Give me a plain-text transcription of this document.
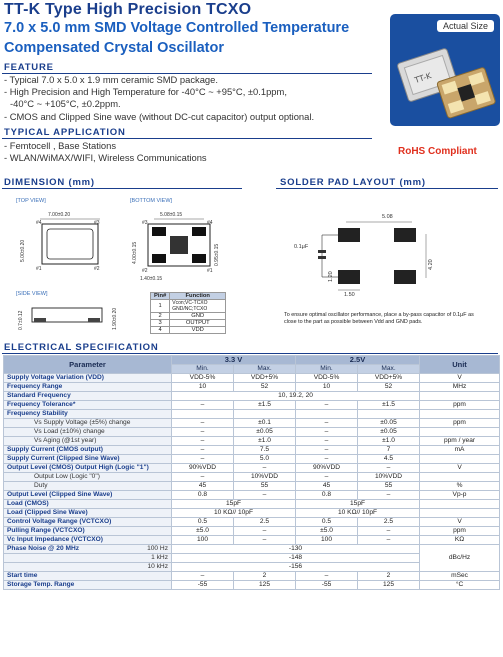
TT-K Type High Precision TCXO
7.0 x 5.0 mm SMD Voltage Controlled Temperature
Compensated Crystal Oscillator
FEATURE
- Typical 7.0 x 5.0 x 1.9 mm ceramic SMD package.
- High Precision and High Temperature for -40°C ~ +95°C, ±0.1ppm,
-40°C ~ +105°C, ±0.2ppm.
- CMOS and Clipped Sine wave (without DC-cut capacitor) output optional.
TYPICAL APPLICATION
- Femtocell , Base Stations
- WLAN/WiMAX/WIFI, Wireless Communications
Actual Size
TT-K
RoHS Compliant
DIMENSION (mm)
[TOP VIEW]
7.00±0.20
#4	#3
#1	#2
5.00±0.20
[BOTTOM VIEW]
5.08±0.15
#3	#4
#2	#1
4.00±0.15	0.95±0.15
1.40±0.15
[SIDE VIEW]
0.7±0.12	1.90±0.20
Pin#	Function
1	Vcon;VC-TCXO GND/NC;TCXO
2	GND
3	OUTPUT
4	VDD
SOLDER PAD LAYOUT (mm)
5.08
0.1μF
4.20
1.20
1.50
To ensure optimal oscillator performance, place a by-pass capacitor of 0.1μF as close to the part as possible between Vdd and GND pads.
ELECTRICAL SPECIFICATION
Parameter	3.3 V		2.5V		Unit
	Min.	Max.	Min.	Max.	
Supply Voltage Variation (VDD)	VDD-5%	VDD+5%	VDD-5%	VDD+5%	V
Frequency Range	10	52	10	52	MHz
Standard Frequency	10, 19.2, 20				
Frequency Tolerance*	–	±1.5	–	±1.5	ppm
Frequency Stability					
Vs Supply Voltage (±5%) change	–	±0.1	–	±0.05	ppm
Vs Load (±10%) change	–	±0.05	–	±0.05	
Vs Aging (@1st year)	–	±1.0	–	±1.0	ppm / year
Supply Current (CMOS output)	–	7.5	–	7	mA
Supply Current (Clipped Sine Wave)	–	5.0	–	4.5	
Output Level (CMOS) Output High (Logic "1")	90%VDD	–	90%VDD	–	V
Output Low (Logic "0")	–	10%VDD	–	10%VDD	
Duty	45	55	45	55	%
Output Level (Clipped Sine Wave)	0.8	–	0.8	–	Vp-p
Load (CMOS)	15pF		15pF		
Load (Clipped Sine Wave)	10 KΩ// 10pF		10 KΩ// 10pF		
Control Voltage Range (VCTCXO)	0.5	2.5	0.5	2.5	V
Pulling Range (VCTCXO)	±5.0	–	±5.0	–	ppm
Vc Input Impedance (VCTCXO)	100	–	100	–	KΩ
Phase Noise @ 20 MHz 100 Hz	-130				dBc/Hz

1 kHz	-148				

10 kHz	-156				
Start time	–	2	–	2	mSec
Storage Temp. Range	-55	125	-55	125	°C
